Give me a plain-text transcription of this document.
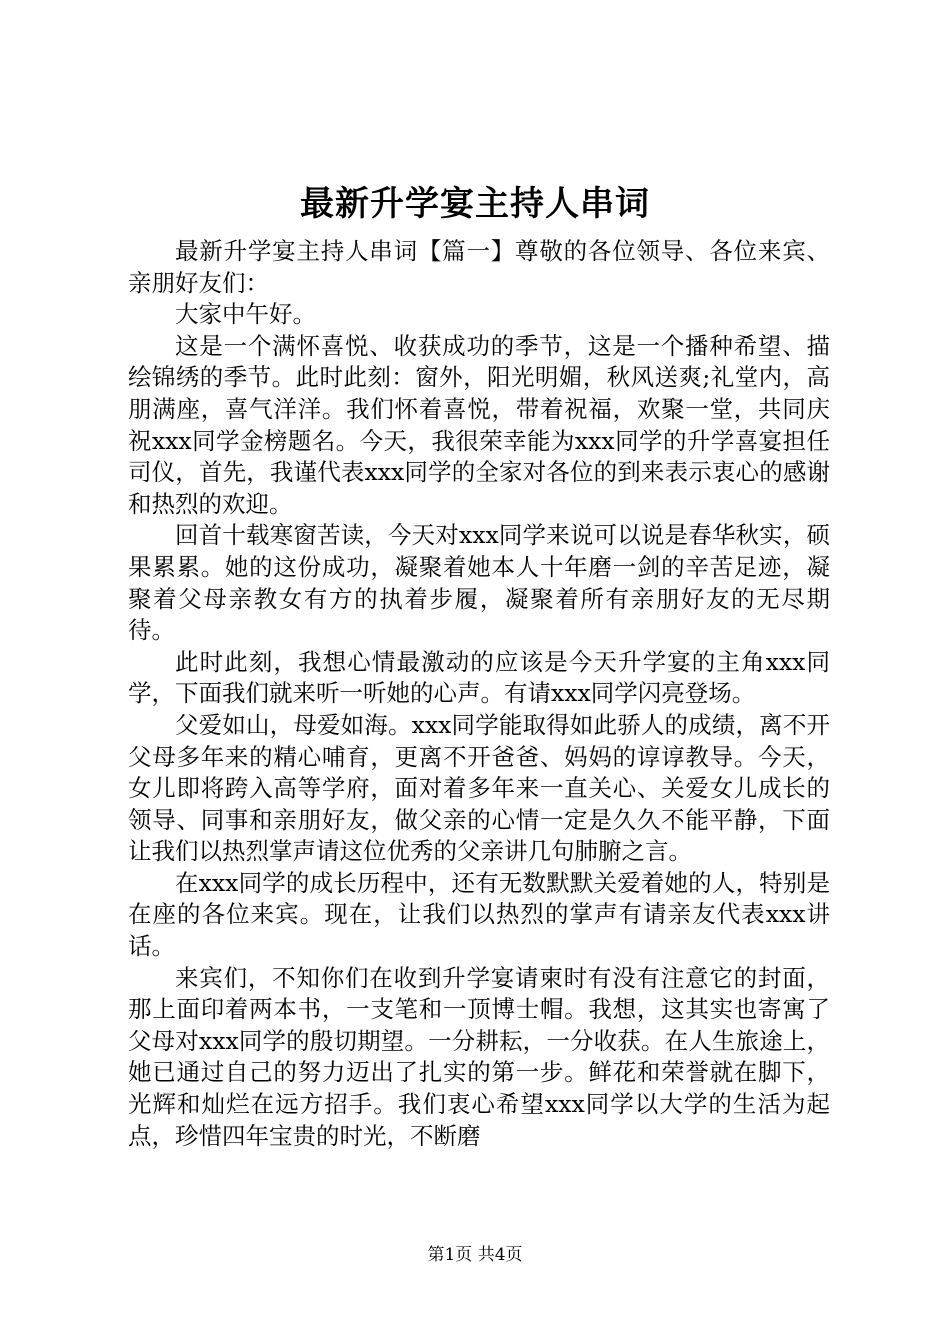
最新升学宴主持人串词

最新升学宴主持人串词【篇一】尊敬的各位领导、各位来宾、亲朋好友们：

大家中午好。

这是一个满怀喜悦、收获成功的季节，这是一个播种希望、描绘锦绣的季节。此时此刻：窗外，阳光明媚，秋风送爽;礼堂内，高朋满座，喜气洋洋。我们怀着喜悦，带着祝福，欢聚一堂，共同庆祝xxx同学金榜题名。今天，我很荣幸能为xxx同学的升学喜宴担任司仪，首先，我谨代表xxx同学的全家对各位的到来表示衷心的感谢和热烈的欢迎。

回首十载寒窗苦读，今天对xxx同学来说可以说是春华秋实，硕果累累。她的这份成功，凝聚着她本人十年磨一剑的辛苦足迹，凝聚着父母亲教女有方的执着步履，凝聚着所有亲朋好友的无尽期待。

此时此刻，我想心情最激动的应该是今天升学宴的主角xxx同学，下面我们就来听一听她的心声。有请xxx同学闪亮登场。

父爱如山，母爱如海。xxx同学能取得如此骄人的成绩，离不开父母多年来的精心哺育，更离不开爸爸、妈妈的谆谆教导。今天，女儿即将跨入高等学府，面对着多年来一直关心、关爱女儿成长的领导、同事和亲朋好友，做父亲的心情一定是久久不能平静，下面让我们以热烈掌声请这位优秀的父亲讲几句肺腑之言。

在xxx同学的成长历程中，还有无数默默关爱着她的人，特别是在座的各位来宾。现在，让我们以热烈的掌声有请亲友代表xxx讲话。

来宾们，不知你们在收到升学宴请柬时有没有注意它的封面，那上面印着两本书，一支笔和一顶博士帽。我想，这其实也寄寓了父母对xxx同学的殷切期望。一分耕耘，一分收获。在人生旅途上，她已通过自己的努力迈出了扎实的第一步。鲜花和荣誉就在脚下，光辉和灿烂在远方招手。我们衷心希望xxx同学以大学的生活为起点，珍惜四年宝贵的时光，不断磨

第1页 共4页
